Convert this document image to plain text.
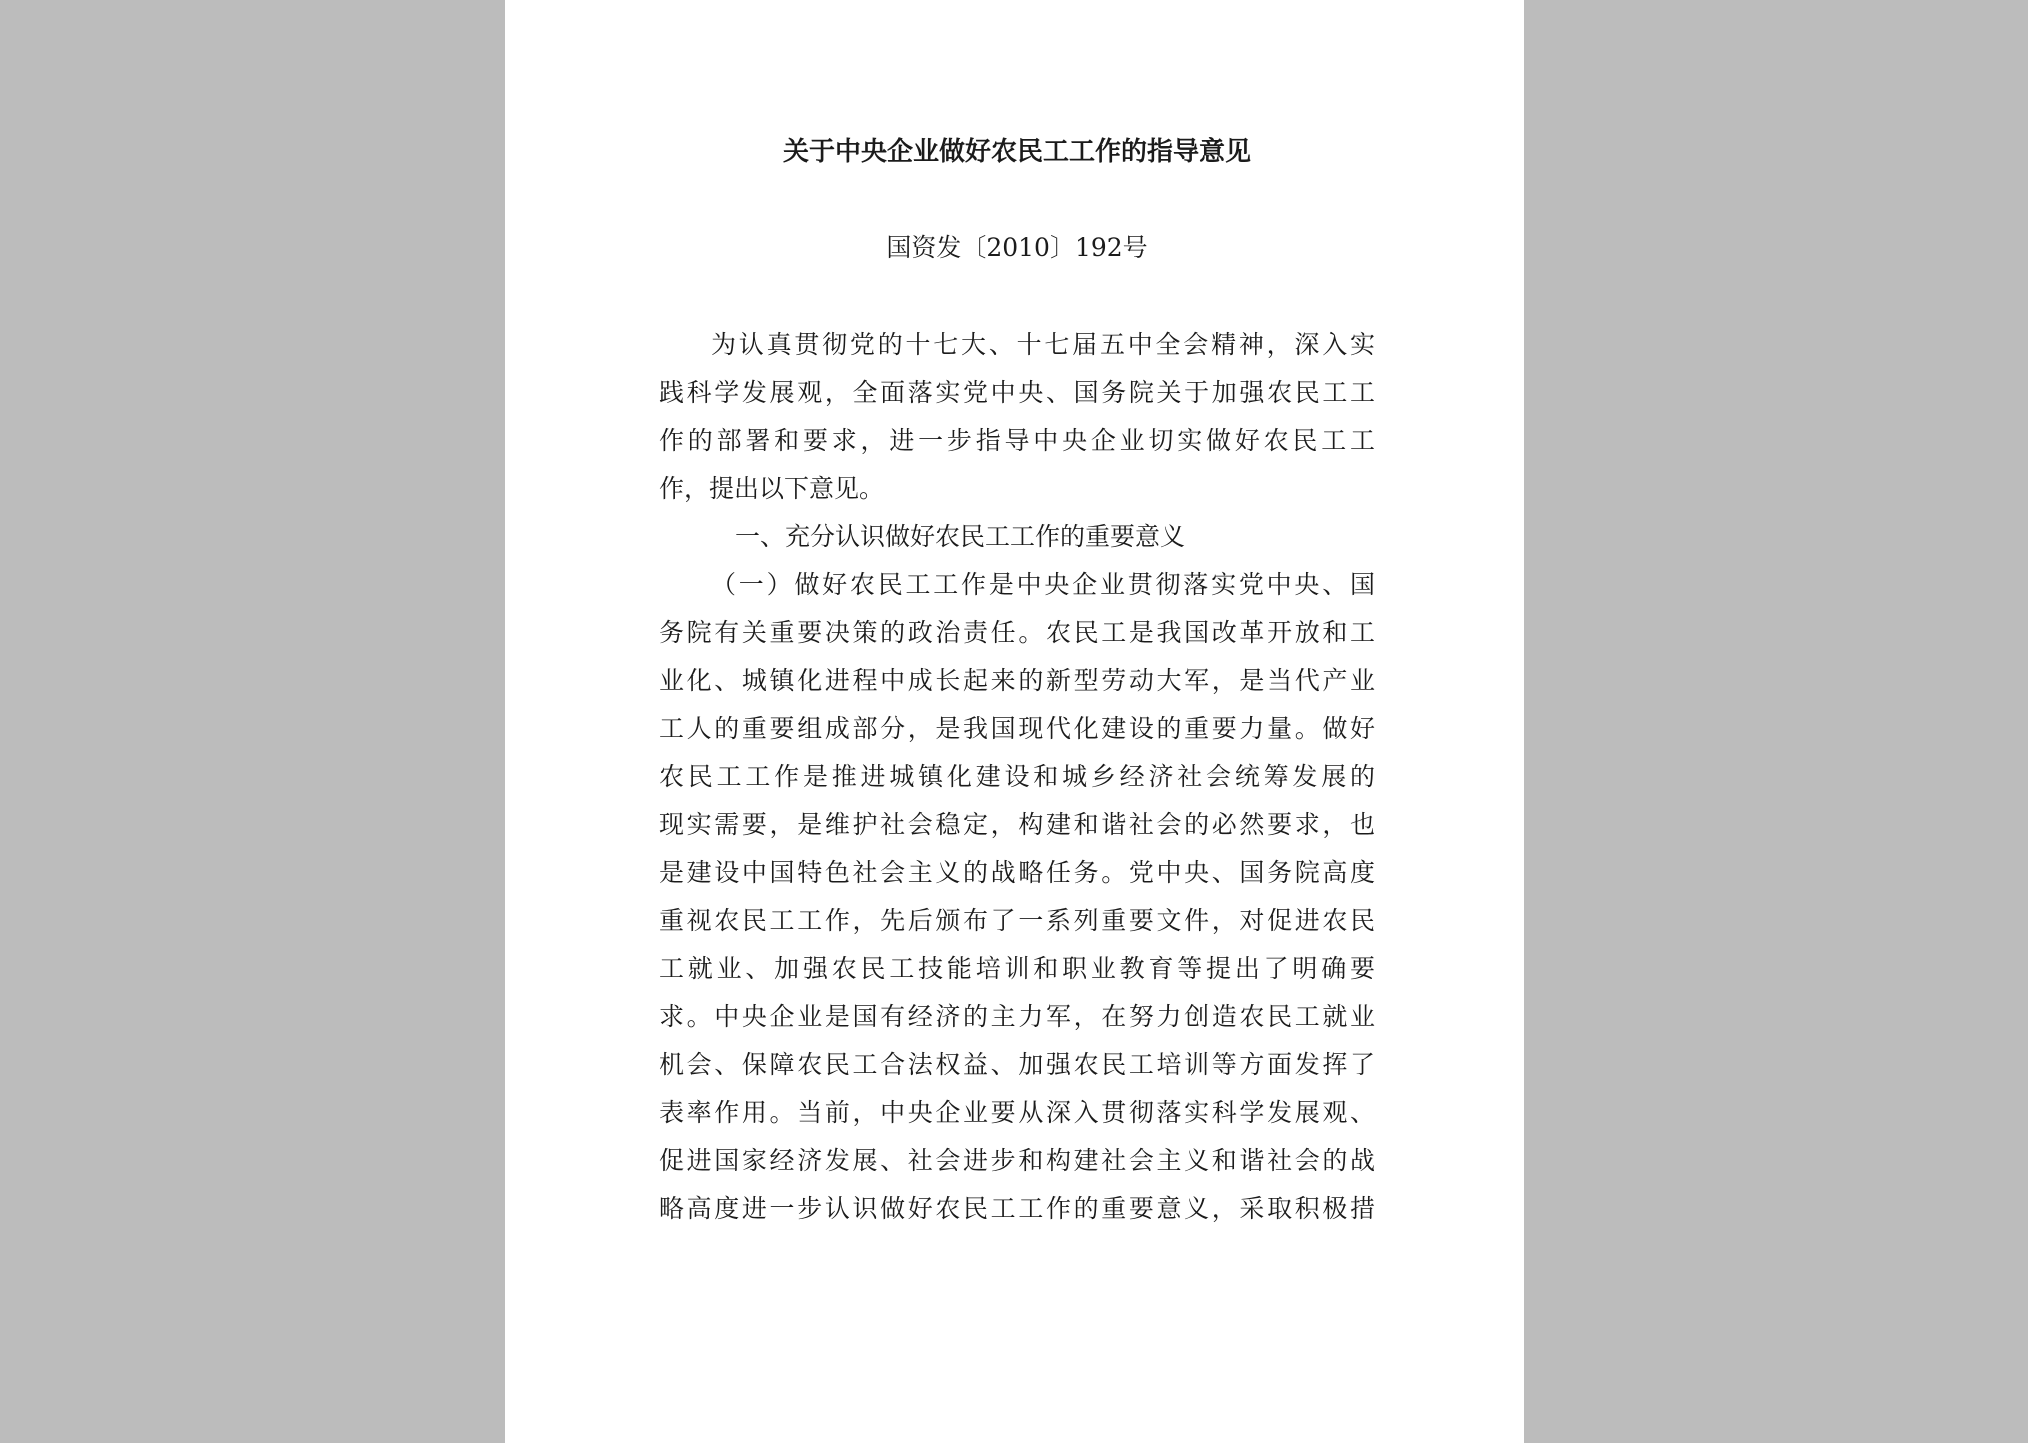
关于中央企业做好农民工工作的指导意见
国资发〔2010〕192号
为认真贯彻党的十七大、十七届五中全会精神，深入实
践科学发展观，全面落实党中央、国务院关于加强农民工工
作的部署和要求，进一步指导中央企业切实做好农民工工
作，提出以下意见。
一、充分认识做好农民工工作的重要意义
（一）做好农民工工作是中央企业贯彻落实党中央、国
务院有关重要决策的政治责任。农民工是我国改革开放和工
业化、城镇化进程中成长起来的新型劳动大军，是当代产业
工人的重要组成部分，是我国现代化建设的重要力量。做好
农民工工作是推进城镇化建设和城乡经济社会统筹发展的
现实需要，是维护社会稳定，构建和谐社会的必然要求，也
是建设中国特色社会主义的战略任务。党中央、国务院高度
重视农民工工作，先后颁布了一系列重要文件，对促进农民
工就业、加强农民工技能培训和职业教育等提出了明确要
求。中央企业是国有经济的主力军，在努力创造农民工就业
机会、保障农民工合法权益、加强农民工培训等方面发挥了
表率作用。当前，中央企业要从深入贯彻落实科学发展观、
促进国家经济发展、社会进步和构建社会主义和谐社会的战
略高度进一步认识做好农民工工作的重要意义，采取积极措
